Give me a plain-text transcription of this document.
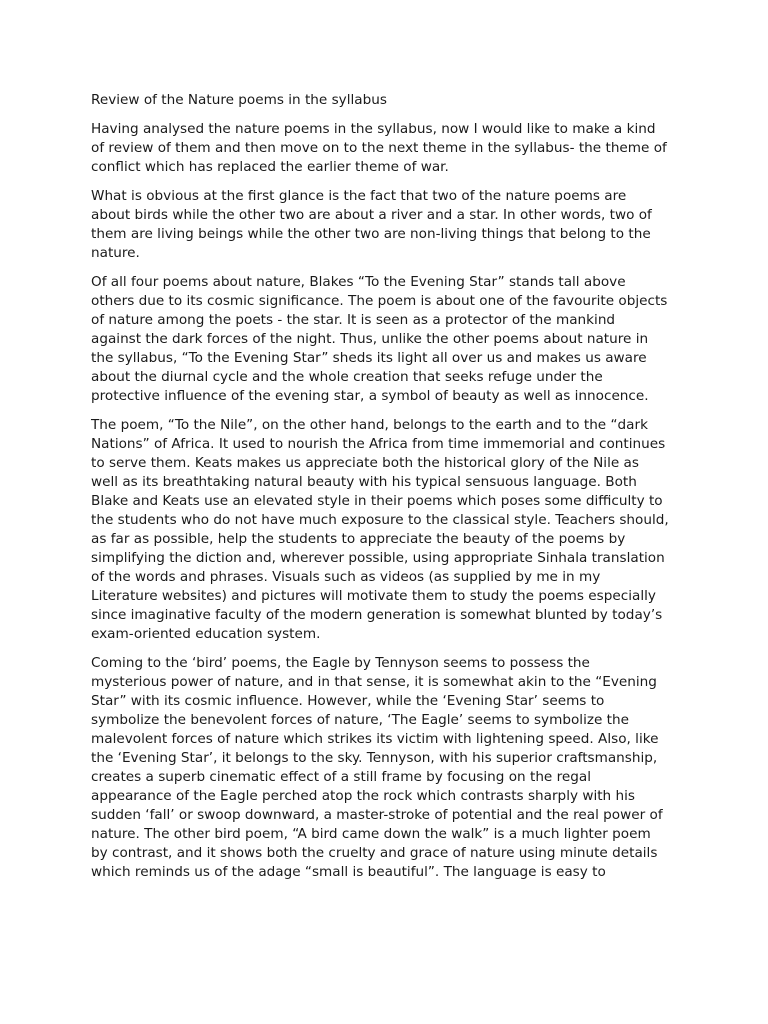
Review of the Nature poems in the syllabus
Having analysed the nature poems in the syllabus, now I would like to make a kind
of review of them and then move on to the next theme in the syllabus- the theme of
conflict which has replaced the earlier theme of war.
What is obvious at the first glance is the fact that two of the nature poems are
about birds while the other two are about a river and a star. In other words, two of
them are living beings while the other two are non-living things that belong to the
nature.
Of all four poems about nature, Blakes “To the Evening Star” stands tall above
others due to its cosmic significance. The poem is about one of the favourite objects
of nature among the poets - the star. It is seen as a protector of the mankind
against the dark forces of the night. Thus, unlike the other poems about nature in
the syllabus, “To the Evening Star” sheds its light all over us and makes us aware
about the diurnal cycle and the whole creation that seeks refuge under the
protective influence of the evening star, a symbol of beauty as well as innocence.
The poem, “To the Nile”, on the other hand, belongs to the earth and to the “dark
Nations” of Africa. It used to nourish the Africa from time immemorial and continues
to serve them. Keats makes us appreciate both the historical glory of the Nile as
well as its breathtaking natural beauty with his typical sensuous language. Both
Blake and Keats use an elevated style in their poems which poses some difficulty to
the students who do not have much exposure to the classical style. Teachers should,
as far as possible, help the students to appreciate the beauty of the poems by
simplifying the diction and, wherever possible, using appropriate Sinhala translation
of the words and phrases. Visuals such as videos (as supplied by me in my
Literature websites) and pictures will motivate them to study the poems especially
since imaginative faculty of the modern generation is somewhat blunted by today’s
exam-oriented education system.
Coming to the ‘bird’ poems, the Eagle by Tennyson seems to possess the
mysterious power of nature, and in that sense, it is somewhat akin to the “Evening
Star” with its cosmic influence. However, while the ‘Evening Star’ seems to
symbolize the benevolent forces of nature, ‘The Eagle’ seems to symbolize the
malevolent forces of nature which strikes its victim with lightening speed. Also, like
the ‘Evening Star’, it belongs to the sky. Tennyson, with his superior craftsmanship,
creates a superb cinematic effect of a still frame by focusing on the regal
appearance of the Eagle perched atop the rock which contrasts sharply with his
sudden ‘fall’ or swoop downward, a master-stroke of potential and the real power of
nature. The other bird poem, “A bird came down the walk” is a much lighter poem
by contrast, and it shows both the cruelty and grace of nature using minute details
which reminds us of the adage “small is beautiful”. The language is easy to
